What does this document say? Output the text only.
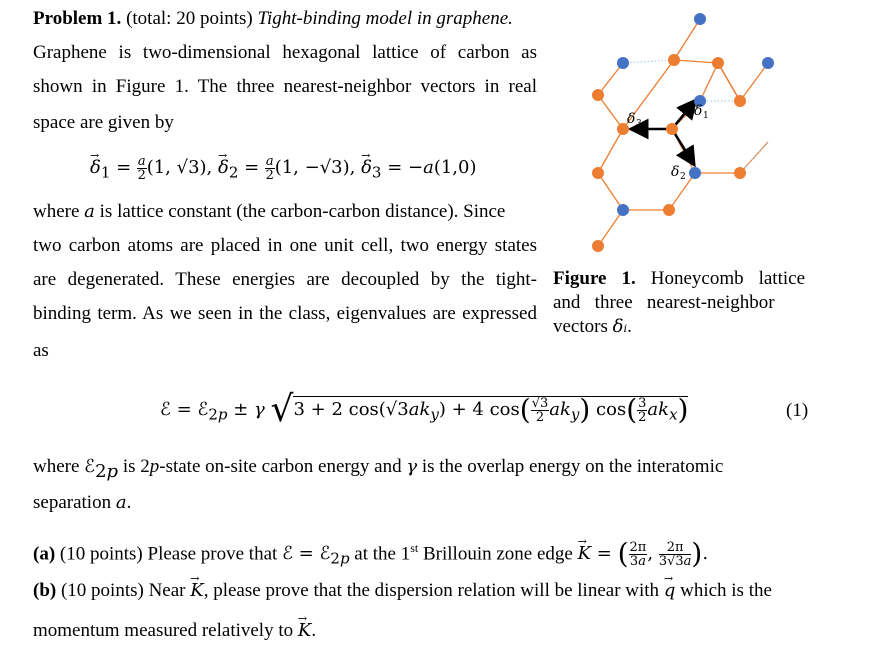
Problem 1. (total: 20 points) Tight-binding model in graphene.
Graphene is two-dimensional hexagonal lattice of carbon as
shown in Figure 1. The three nearest-neighbor vectors in real
space are given by
→ $\delta_1 = \frac{a}{2} (1$, √3), → $\delta_2 = \frac{a}{2} (1$, −√3), → $\delta_3 = -a(1,0)$
where a is lattice constant (the carbon-carbon distance). Since
two carbon atoms are placed in one unit cell, two energy states
are degenerated. These energies are decoupled by the tight-
binding term. As we seen in the class, eigenvalues are expressed
as
δ 3
δ 1
δ 2
Figure 1. Honeycomb lattice
and   three   nearest-neighbor
vectors δᵢ.
ℰ = ℰ$_{2p}$ ± γ √3 + 2 $\cos(√3ak_y) + 4$ $\cos( \frac{√3}{2} ak_y)$ $\cos( \frac{3}{2} ak_x)$	(1)
where ℰ$_{2p}$ is 2p-state on-site carbon energy and γ is the overlap energy on the interatomic
separation a.
(a) (10 points) Please prove that ℰ = ℰ$_{2p}$ at the 1st Brillouin zone edge → K = ( $\frac{2\pi}{3a}$ , $\frac{2\pi}{3√3a}$ ).
(b) (10 points) Near → K, please prove that the dispersion relation will be linear with → q which is the
momentum measured relatively to → K.
